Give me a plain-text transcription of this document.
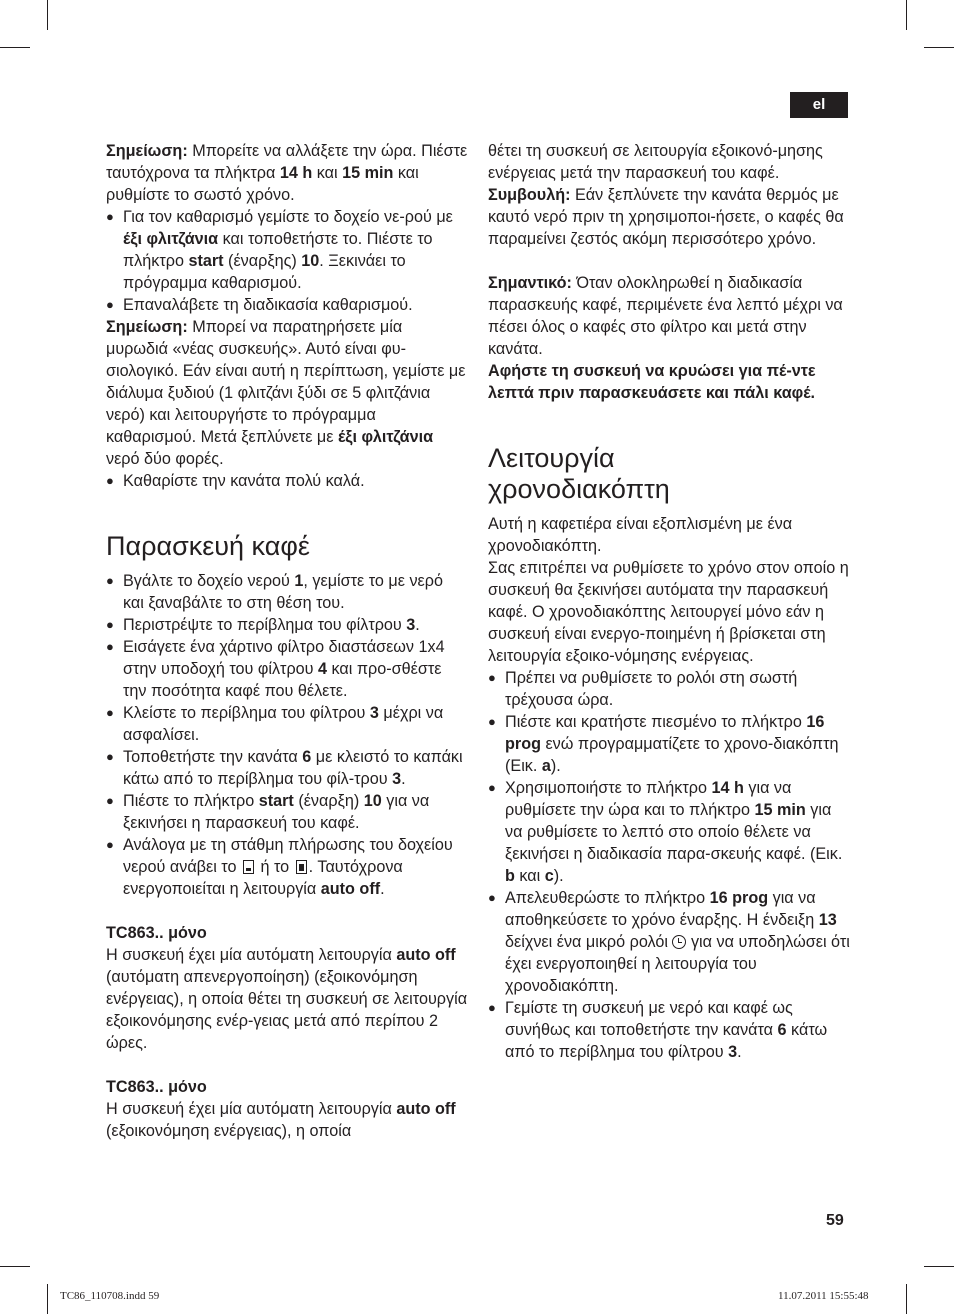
el

Σημείωση: Μπορείτε να αλλάξετε την ώρα. Πιέστε ταυτόχρονα τα πλήκτρα 14 h και 15 min και ρυθμίστε το σωστό χρόνο.

● Για τον καθαρισμό γεμίστε το δοχείο νε-ρού με έξι φλιτζάνια και τοποθετήστε το. Πιέστε το πλήκτρο start (έναρξης) 10. Ξεκινάει το πρόγραμμα καθαρισμού.

● Επαναλάβετε τη διαδικασία καθαρισμού.

Σημείωση: Μπορεί να παρατηρήσετε μία μυρωδιά «νέας συσκευής». Αυτό είναι φυ-σιολογικό. Εάν είναι αυτή η περίπτωση, γεμίστε με διάλυμα ξυδιού (1 φλιτζάνι ξύδι σε 5 φλιτζάνια νερό) και λειτουργήστε το πρόγραμμα καθαρισμού. Μετά ξεπλύνετε με έξι φλιτζάνια νερό δύο φορές.

● Καθαρίστε την κανάτα πολύ καλά.

Παρασκευή καφέ

● Βγάλτε το δοχείο νερού 1, γεμίστε το με νερό και ξαναβάλτε το στη θέση του.

● Περιστρέψτε το περίβλημα του φίλτρου 3.

● Εισάγετε ένα χάρτινο φίλτρο διαστάσεων 1x4 στην υποδοχή του φίλτρου 4 και προ-σθέστε την ποσότητα καφέ που θέλετε.

● Κλείστε το περίβλημα του φίλτρου 3 μέχρι να ασφαλίσει.

● Τοποθετήστε την κανάτα 6 με κλειστό το καπάκι κάτω από το περίβλημα του φίλ-τρου 3.

● Πιέστε το πλήκτρο start (έναρξη) 10 για να ξεκινήσει η παρασκευή του καφέ.

● Ανάλογα με τη στάθμη πλήρωσης του δοχείου νερού ανάβει το  ή το . Ταυτόχρονα ενεργοποιείται η λειτουργία auto off.

TC863.. μόνο

Η συσκευή έχει μία αυτόματη λειτουργία auto off (αυτόματη απενεργοποίηση) (εξοικονόμηση ενέργειας), η οποία θέτει τη συσκευή σε λειτουργία εξοικονόμησης ενέρ-γειας μετά από περίπου 2 ώρες.

TC863.. μόνο

Η συσκευή έχει μία αυτόματη λειτουργία auto off (εξοικονόμηση ενέργειας), η οποία

θέτει τη συσκευή σε λειτουργία εξοικονό-μησης ενέργειας μετά την παρασκευή του καφέ.

Συμβουλή: Εάν ξεπλύνετε την κανάτα θερμός με καυτό νερό πριν τη χρησιμοποι-ήσετε, ο καφές θα παραμείνει ζεστός ακόμη περισσότερο χρόνο.

Σημαντικό: Όταν ολοκληρωθεί η διαδικασία παρασκευής καφέ, περιμένετε ένα λεπτό μέχρι να πέσει όλος ο καφές στο φίλτρο και μετά στην κανάτα.

Αφήστε τη συσκευή να κρυώσει για πέ-ντε λεπτά πριν παρασκευάσετε και πάλι καφέ.

Λειτουργία
χρονοδιακόπτη

Αυτή η καφετιέρα είναι εξοπλισμένη με ένα χρονοδιακόπτη.

Σας επιτρέπει να ρυθμίσετε το χρόνο στον οποίο η συσκευή θα ξεκινήσει αυτόματα την παρασκευή καφέ. Ο χρονοδιακόπτης λειτουργεί μόνο εάν η συσκευή είναι ενεργο-ποιημένη ή βρίσκεται στη λειτουργία εξοικο-νόμησης ενέργειας.

● Πρέπει να ρυθμίσετε το ρολόι στη σωστή τρέχουσα ώρα.

● Πιέστε και κρατήστε πιεσμένο το πλήκτρο 16 prog ενώ προγραμματίζετε το χρονο-διακόπτη (Εικ. a).

● Χρησιμοποιήστε το πλήκτρο 14 h για να ρυθμίσετε την ώρα και το πλήκτρο 15 min για να ρυθμίσετε το λεπτό στο οποίο θέλετε να ξεκινήσει η διαδικασία παρα-σκευής καφέ. (Εικ. b και c).

● Απελευθερώστε το πλήκτρο 16 prog για να αποθηκεύσετε το χρόνο έναρξης. Η ένδειξη 13 δείχνει ένα μικρό ρολόι  για να υποδηλώσει ότι έχει ενεργοποιηθεί η λειτουργία του χρονοδιακόπτη.

● Γεμίστε τη συσκευή με νερό και καφέ ως συνήθως και τοποθετήστε την κανάτα 6 κάτω από το περίβλημα του φίλτρου 3.

59
TC86_110708.indd 59	11.07.2011 15:55:48
